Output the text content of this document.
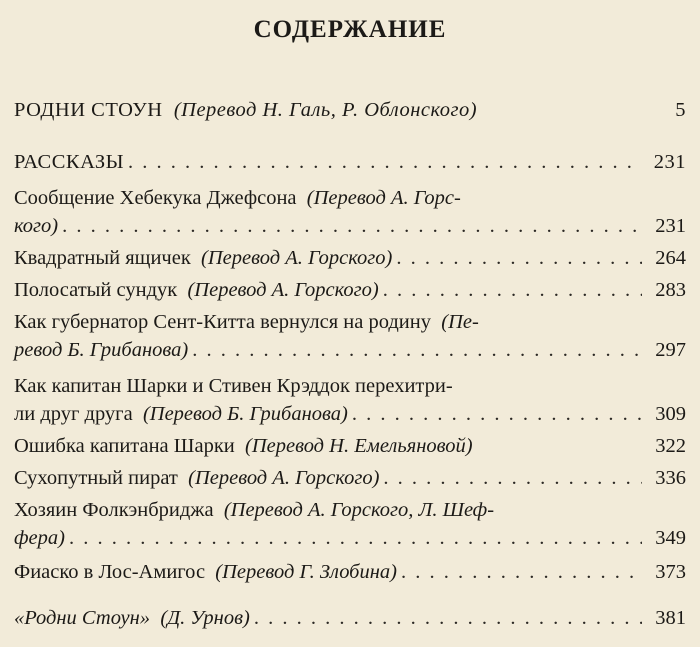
СОДЕРЖАНИЕ
РОДНИ СТОУН (Перевод Н. Галь, Р. Облонского)	5
РАССКАЗЫ . . .	231
Сообщение Хебекука Джефсона (Перевод А. Горс-
кого) . . .	231
Квадратный ящичек (Перевод А. Горского) . . .	264
Полосатый сундук (Перевод А. Горского) . . .	283
Как губернатор Сент-Китта вернулся на родину (Пе-
ревод Б. Грибанова) . . .	297
Как капитан Шарки и Стивен Крэддок перехитри-
ли друг друга (Перевод Б. Грибанова) . . .	309
Ошибка капитана Шарки (Перевод Н. Емельяновой)	322
Сухопутный пират (Перевод А. Горского) . . .	336
Хозяин Фолкэнбриджа (Перевод А. Горского, Л. Шеф-
фера) . . .	349
Фиаско в Лос-Амигос (Перевод Г. Злобина) . . .	373
«Родни Стоун» (Д. Урнов) . . .	381
